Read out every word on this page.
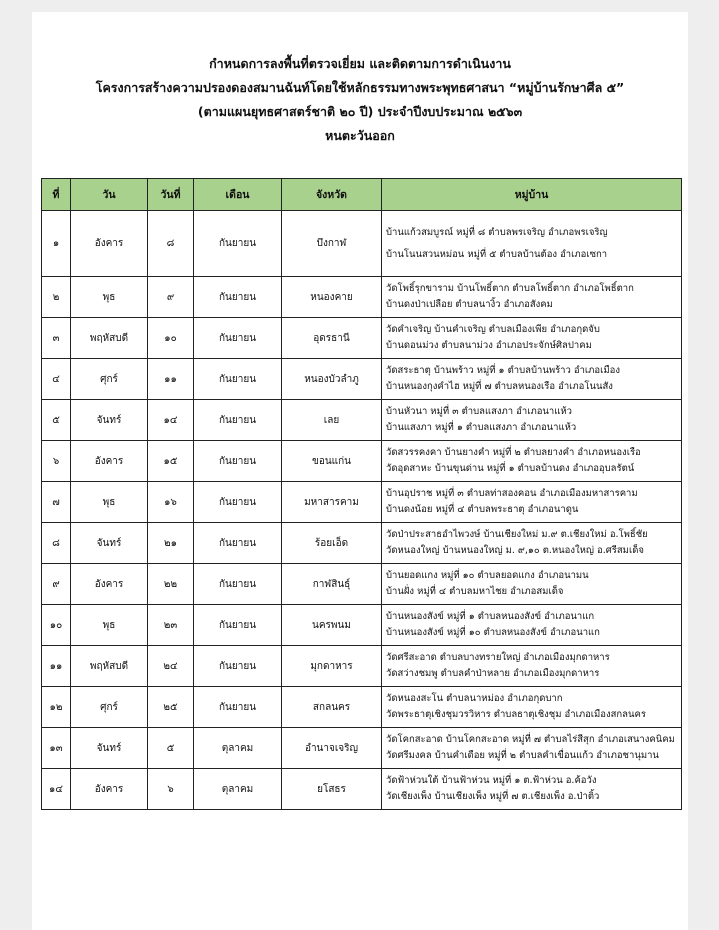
กำหนดการลงพื้นที่ตรวจเยี่ยม และติดตามการดำเนินงาน
โครงการสร้างความปรองดองสมานฉันท์โดยใช้หลักธรรมทางพระพุทธศาสนา “หมู่บ้านรักษาศีล ๕”
(ตามแผนยุทธศาสตร์ชาติ ๒๐ ปี) ประจำปีงบประมาณ ๒๕๖๓
หนตะวันออก
ที่	วัน	วันที่	เดือน	จังหวัด	หมู่บ้าน
๑	อังคาร	๘	กันยายน	บึงกาฬ	บ้านแก้วสมบูรณ์ หมู่ที่ ๘ ตำบลพรเจริญ อำเภอพรเจริญ
บ้านโนนสวนหม่อน หมู่ที่ ๕ ตำบลบ้านต้อง อำเภอเซกา

๒	พุธ	๙	กันยายน	หนองคาย	วัดโพธิ์รุกขาราม บ้านโพธิ์ตาก ตำบลโพธิ์ตาก อำเภอโพธิ์ตาก
บ้านดงป่าเปลือย ตำบลนางิ้ว อำเภอสังคม

๓	พฤหัสบดี	๑๐	กันยายน	อุดรธานี	วัดคำเจริญ บ้านคำเจริญ ตำบลเมืองเพีย อำเภอกุดจับ
บ้านดอนม่วง ตำบลนาม่วง อำเภอประจักษ์ศิลปาคม

๔	ศุกร์	๑๑	กันยายน	หนองบัวลำภู	วัดสระธาตุ บ้านพร้าว หมู่ที่ ๑ ตำบลบ้านพร้าว อำเภอเมือง
บ้านหนองกุงคำไฮ หมู่ที่ ๗ ตำบลหนองเรือ อำเภอโนนสัง

๕	จันทร์	๑๔	กันยายน	เลย	บ้านหัวนา หมู่ที่ ๓ ตำบลแสงภา อำเภอนาแห้ว
บ้านแสงภา หมู่ที่ ๑ ตำบลแสงภา อำเภอนาแห้ว

๖	อังคาร	๑๕	กันยายน	ขอนแก่น	วัดสวรรคงคา บ้านยางคำ หมู่ที่ ๒ ตำบลยางคำ อำเภอหนองเรือ
วัดอุดสาหะ บ้านขุนด่าน หมู่ที่ ๑ ตำบลบ้านดง อำเภออุบลรัตน์

๗	พุธ	๑๖	กันยายน	มหาสารคาม	บ้านอุปราช หมู่ที่ ๓ ตำบลท่าสองคอน อำเภอเมืองมหาสารคาม
บ้านดงน้อย หมู่ที่ ๔ ตำบลพระธาตุ อำเภอนาดูน

๘	จันทร์	๒๑	กันยายน	ร้อยเอ็ด	วัดป่าประสาธอำไพวงษ์ บ้านเชียงใหม่ ม.๙ ต.เชียงใหม่ อ.โพธิ์ชัย
วัดหนองใหญ่ บ้านหนองใหญ่ ม. ๙,๑๐ ต.หนองใหญ่ อ.ศรีสมเด็จ

๙	อังคาร	๒๒	กันยายน	กาฬสินธุ์	บ้านยอดแกง หมู่ที่ ๑๐ ตำบลยอดแกง อำเภอนามน
บ้านฝั่ง หมู่ที่ ๔ ตำบลมหาไชย อำเภอสมเด็จ

๑๐	พุธ	๒๓	กันยายน	นครพนม	บ้านหนองสังข์ หมู่ที่ ๑ ตำบลหนองสังข์ อำเภอนาแก
บ้านหนองสังข์ หมู่ที่ ๑๐ ตำบลหนองสังข์ อำเภอนาแก

๑๑	พฤหัสบดี	๒๔	กันยายน	มุกดาหาร	วัดศรีสะอาด ตำบลบางทรายใหญ่ อำเภอเมืองมุกดาหาร
วัดสว่างชมพู ตำบลคำป่าหลาย อำเภอเมืองมุกดาหาร

๑๒	ศุกร์	๒๕	กันยายน	สกลนคร	วัดหนองสะโน ตำบลนาหม่อง อำเภอกุดบาก
วัดพระธาตุเชิงชุมวรวิหาร ตำบลธาตุเชิงชุม อำเภอเมืองสกลนคร

๑๓	จันทร์	๕	ตุลาคม	อำนาจเจริญ	วัดโคกสะอาด บ้านโคกสะอาด หมู่ที่ ๗ ตำบลไร่สีสุก อำเภอเสนางคนิคม
วัดศรีมงคล บ้านคำเดือย หมู่ที่ ๒ ตำบลคำเขื่อนแก้ว อำเภอชานุมาน

๑๔	อังคาร	๖	ตุลาคม	ยโสธร	วัดฟ้าห่วนใต้ บ้านฟ้าห่วน หมู่ที่ ๑ ต.ฟ้าห่วน อ.ค้อวัง
วัดเชียงเพ็ง บ้านเชียงเพ็ง หมู่ที่ ๗ ต.เชียงเพ็ง อ.ป่าติ้ว
